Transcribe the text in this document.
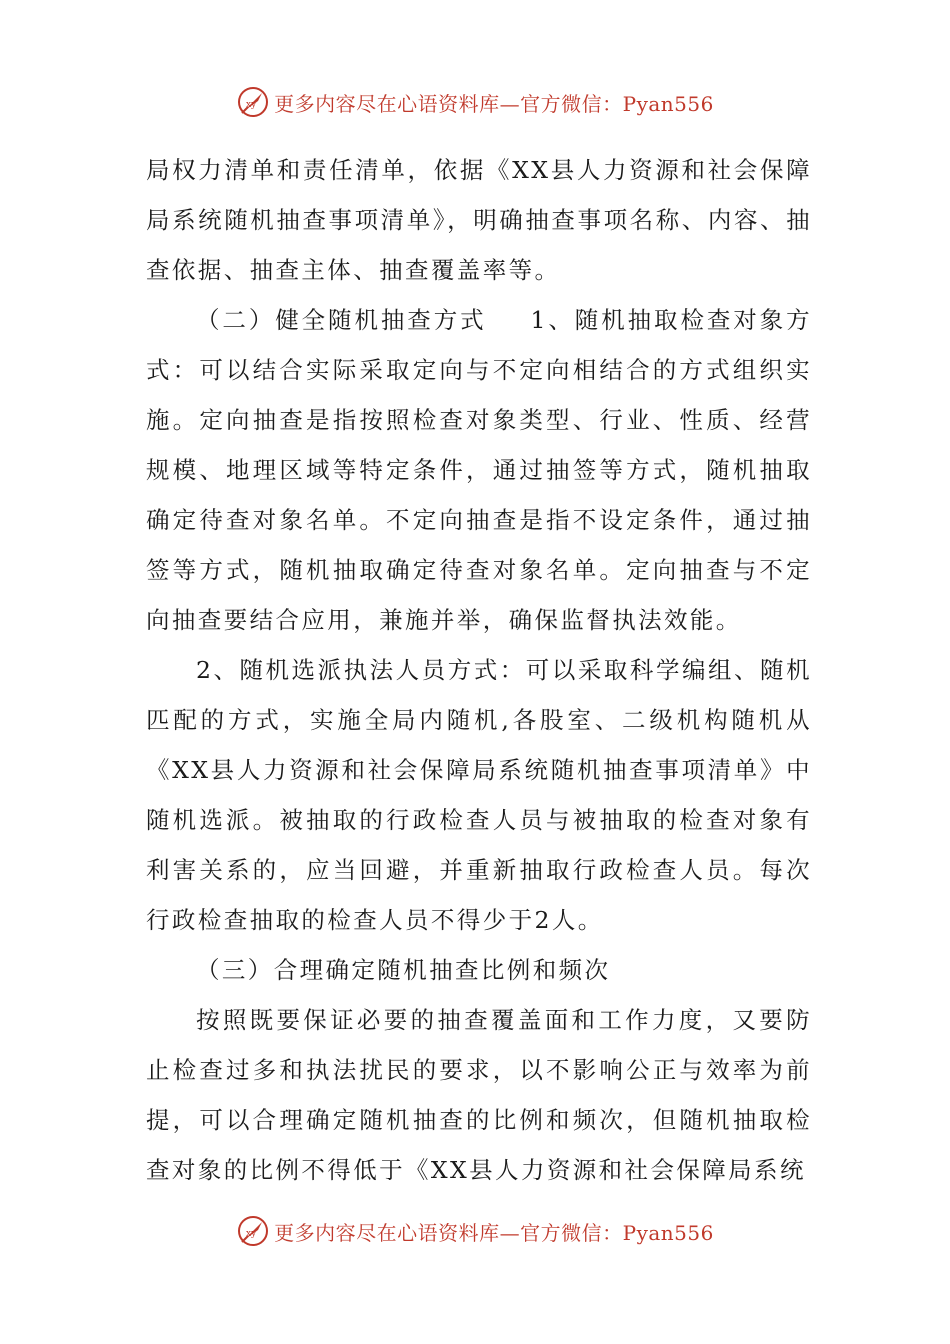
xy 更多内容尽在心语资料库—官方微信：Pyan556

局权力清单和责任清单，依据《XX县人力资源和社会保障局系统随机抽查事项清单》，明确抽查事项名称、内容、抽查依据、抽查主体、抽查覆盖率等。

（二）健全随机抽查方式 1、随机抽取检查对象方式：可以结合实际采取定向与不定向相结合的方式组织实施。定向抽查是指按照检查对象类型、行业、性质、经营规模、地理区域等特定条件，通过抽签等方式，随机抽取确定待查对象名单。不定向抽查是指不设定条件，通过抽签等方式，随机抽取确定待查对象名单。定向抽查与不定向抽查要结合应用，兼施并举，确保监督执法效能。

2、随机选派执法人员方式：可以采取科学编组、随机匹配的方式，实施全局内随机,各股室、二级机构随机从《XX县人力资源和社会保障局系统随机抽查事项清单》中随机选派。被抽取的行政检查人员与被抽取的检查对象有利害关系的，应当回避，并重新抽取行政检查人员。每次行政检查抽取的检查人员不得少于2人。

（三）合理确定随机抽查比例和频次

按照既要保证必要的抽查覆盖面和工作力度，又要防止检查过多和执法扰民的要求，以不影响公正与效率为前提，可以合理确定随机抽查的比例和频次，但随机抽取检查对象的比例不得低于《XX县人力资源和社会保障局系统

xy 更多内容尽在心语资料库—官方微信：Pyan556
